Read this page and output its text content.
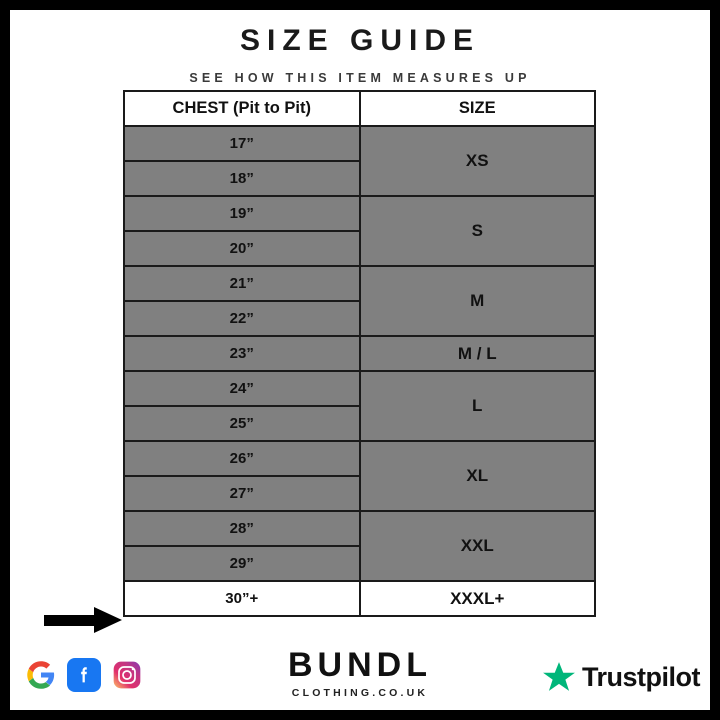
SIZE GUIDE
SEE HOW THIS ITEM MEASURES UP
CHEST (Pit to Pit)	SIZE
17”	XS
18”	
19”	S
20”	
21”	M
22”	
23”	M / L
24”	L
25”	
26”	XL
27”	
28”	XXL
29”	
30”+	XXXL+
Trustpilot
BUNDL
CLOTHING.CO.UK
